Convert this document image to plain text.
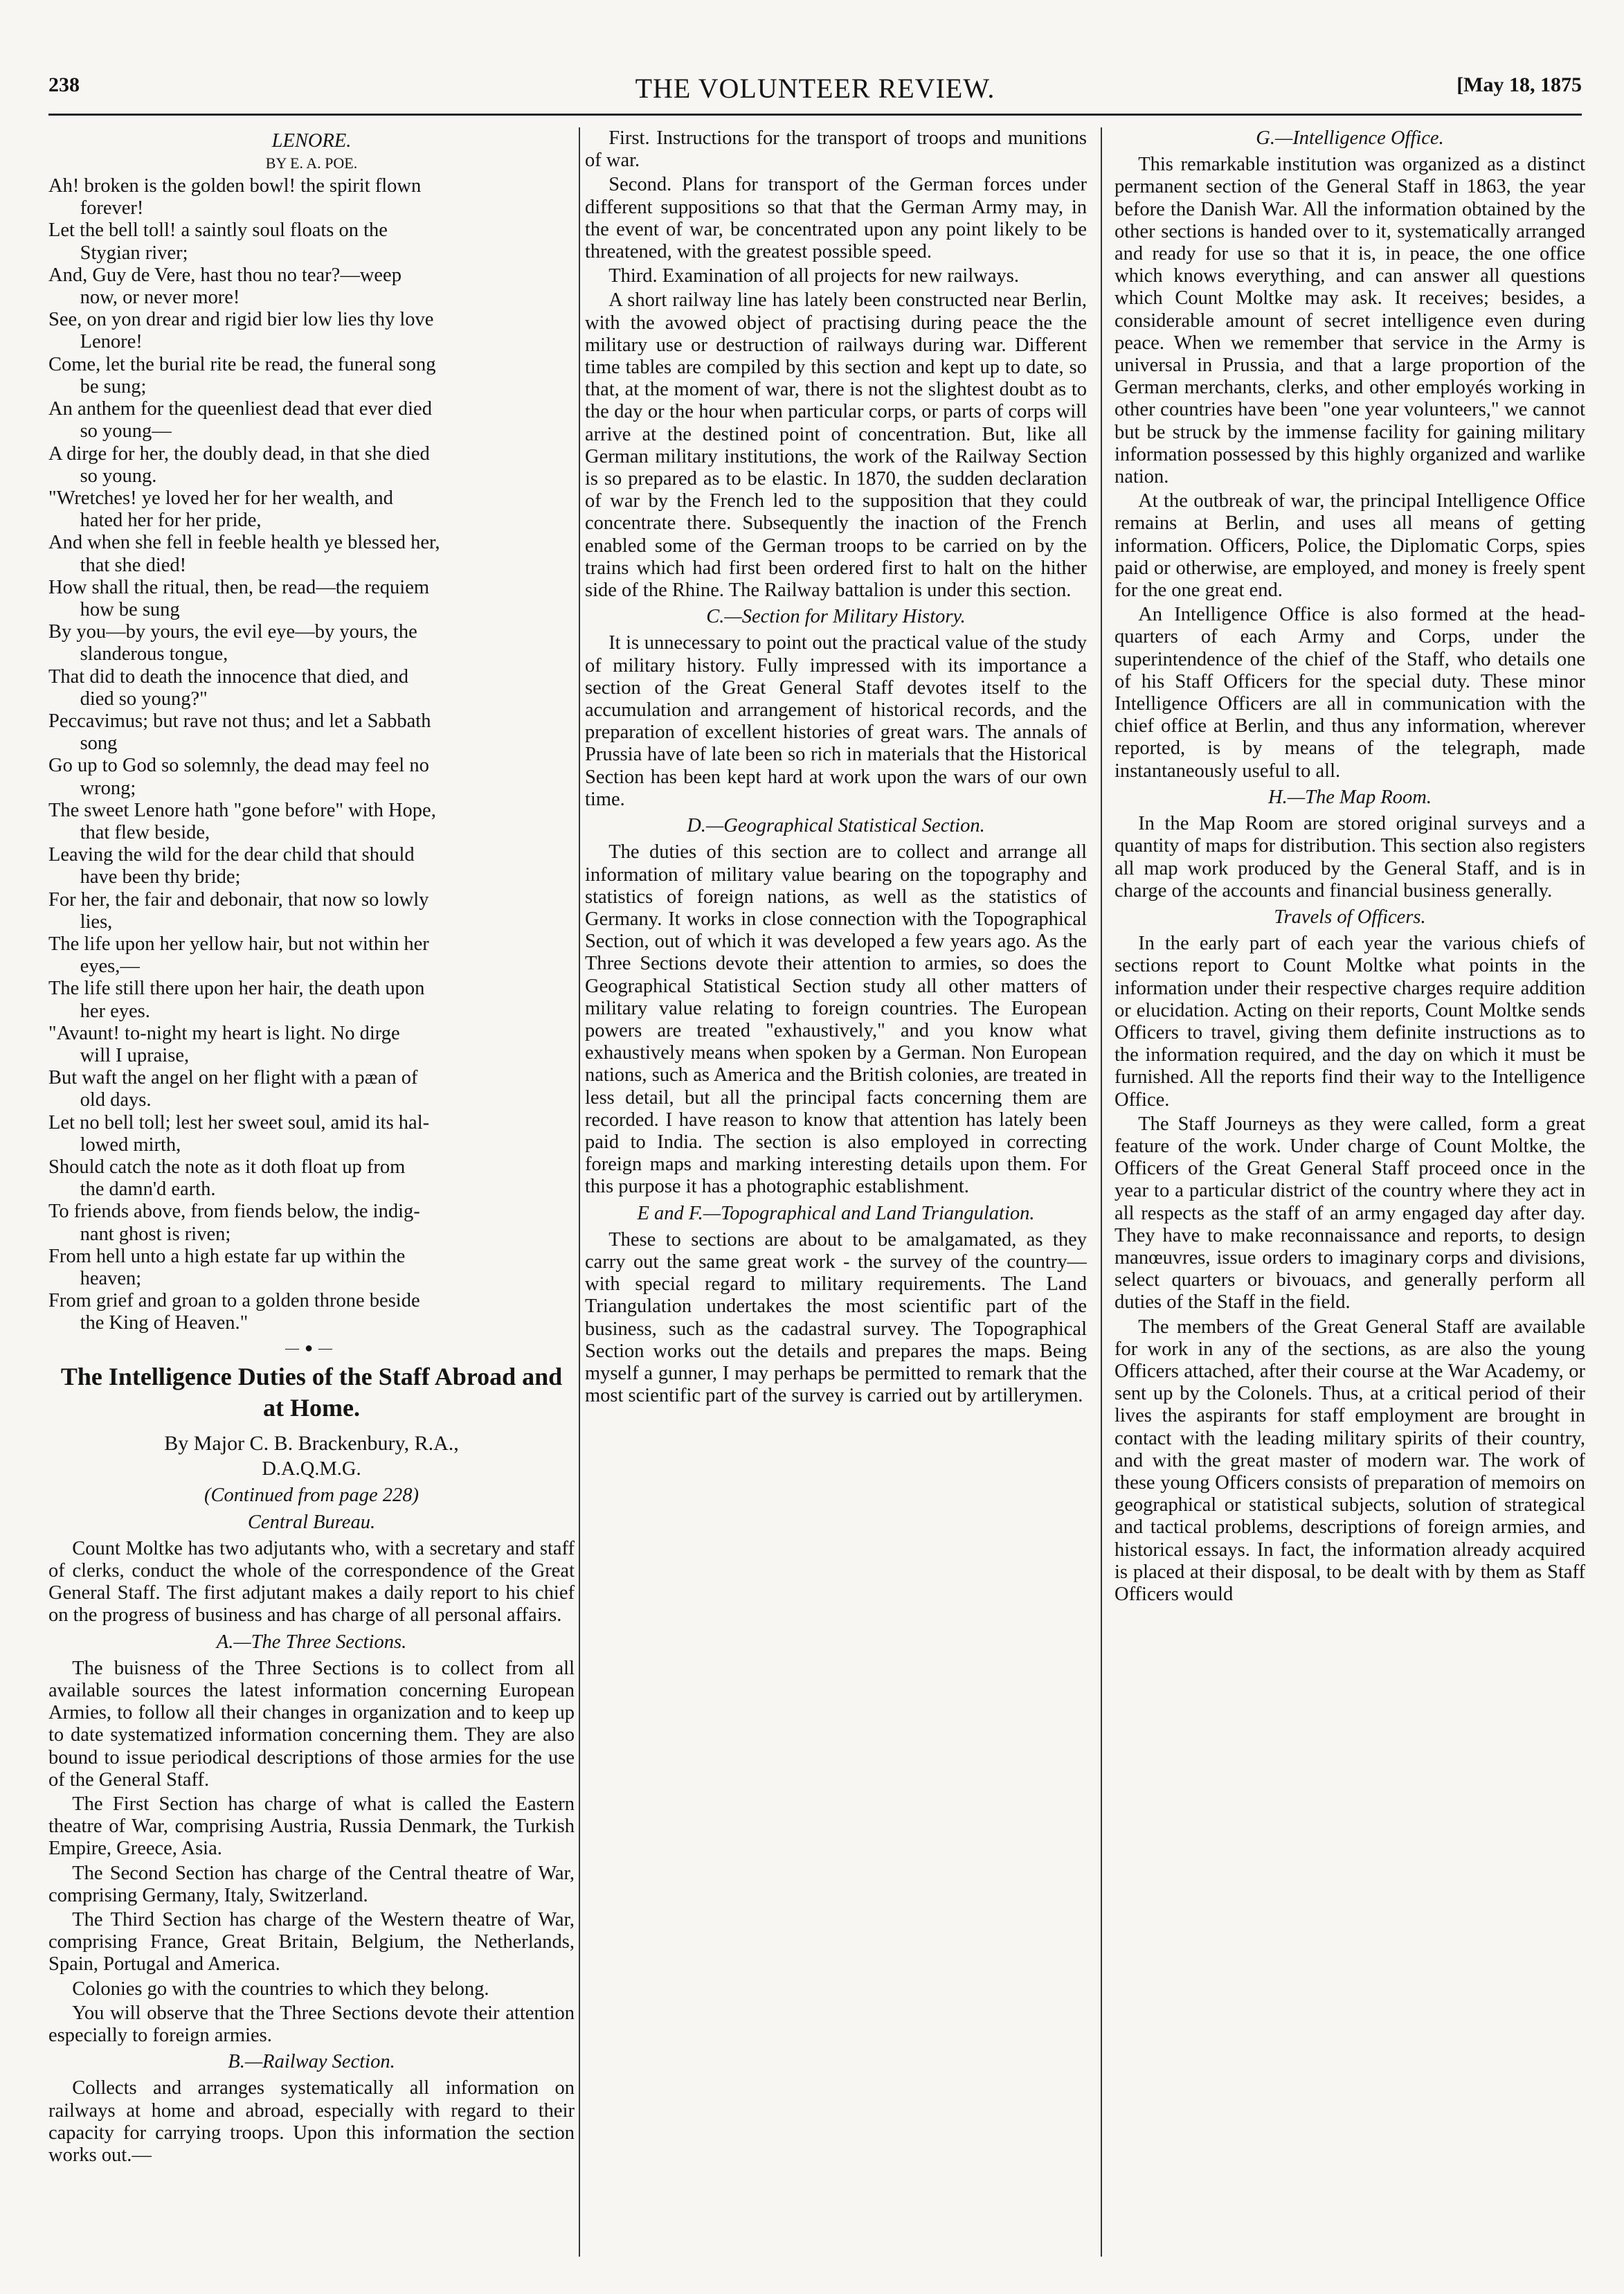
238	THE VOLUNTEER REVIEW.	[May 18, 1875
LENORE.
BY E. A. POE.
Ah! broken is the golden bowl! the spirit flown
forever!
Let the bell toll! a saintly soul floats on the
Stygian river;
And, Guy de Vere, hast thou no tear?—weep
now, or never more!
See, on yon drear and rigid bier low lies thy love
Lenore!
Come, let the burial rite be read, the funeral song
be sung;
An anthem for the queenliest dead that ever died
so young—
A dirge for her, the doubly dead, in that she died
so young.
"Wretches! ye loved her for her wealth, and
hated her for her pride,
And when she fell in feeble health ye blessed her,
that she died!
How shall the ritual, then, be read—the requiem
how be sung
By you—by yours, the evil eye—by yours, the
slanderous tongue,
That did to death the innocence that died, and
died so young?"
Peccavimus; but rave not thus; and let a Sabbath
song
Go up to God so solemnly, the dead may feel no
wrong;
The sweet Lenore hath "gone before" with Hope,
that flew beside,
Leaving the wild for the dear child that should
have been thy bride;
For her, the fair and debonair, that now so lowly
lies,
The life upon her yellow hair, but not within her
eyes,—
The life still there upon her hair, the death upon
her eyes.
"Avaunt! to-night my heart is light. No dirge
will I upraise,
But waft the angel on her flight with a pæan of
old days.
Let no bell toll; lest her sweet soul, amid its hal-
lowed mirth,
Should catch the note as it doth float up from
the damn'd earth.
To friends above, from fiends below, the indig-
nant ghost is riven;
From hell unto a high estate far up within the
heaven;
From grief and groan to a golden throne beside
the King of Heaven."
—●—
The Intelligence Duties of the Staff Abroad and at Home.
By Major C. B. Brackenbury, R.A.,
D.A.Q.M.G.
(Continued from page 228)
Central Bureau.

Count Moltke has two adjutants who, with a secretary and staff of clerks, conduct the whole of the correspondence of the Great General Staff. The first adjutant makes a daily report to his chief on the progress of business and has charge of all personal affairs.

A.—The Three Sections.

The buisness of the Three Sections is to collect from all available sources the latest information concerning European Armies, to follow all their changes in organization and to keep up to date systematized information concerning them. They are also bound to issue periodical descriptions of those armies for the use of the General Staff.

The First Section has charge of what is called the Eastern theatre of War, comprising Austria, Russia Denmark, the Turkish Empire, Greece, Asia.

The Second Section has charge of the Central theatre of War, comprising Germany, Italy, Switzerland.

The Third Section has charge of the Western theatre of War, comprising France, Great Britain, Belgium, the Netherlands, Spain, Portugal and America.

Colonies go with the countries to which they belong.

You will observe that the Three Sections devote their attention especially to foreign armies.

B.—Railway Section.

Collects and arranges systematically all information on railways at home and abroad, especially with regard to their capacity for carrying troops. Upon this information the section works out.—

First. Instructions for the transport of troops and munitions of war.

Second. Plans for transport of the German forces under different suppositions so that that the German Army may, in the event of war, be concentrated upon any point likely to be threatened, with the greatest possible speed.

Third. Examination of all projects for new railways.

A short railway line has lately been constructed near Berlin, with the avowed object of practising during peace the the military use or destruction of railways during war. Different time tables are compiled by this section and kept up to date, so that, at the moment of war, there is not the slightest doubt as to the day or the hour when particular corps, or parts of corps will arrive at the destined point of concentration. But, like all German military institutions, the work of the Railway Section is so prepared as to be elastic. In 1870, the sudden declaration of war by the French led to the supposition that they could concentrate there. Subsequently the inaction of the French enabled some of the German troops to be carried on by the trains which had first been ordered first to halt on the hither side of the Rhine. The Railway battalion is under this section.

C.—Section for Military History.

It is unnecessary to point out the practical value of the study of military history. Fully impressed with its importance a section of the Great General Staff devotes itself to the accumulation and arrangement of historical records, and the preparation of excellent histories of great wars. The annals of Prussia have of late been so rich in materials that the Historical Section has been kept hard at work upon the wars of our own time.

D.—Geographical Statistical Section.

The duties of this section are to collect and arrange all information of military value bearing on the topography and statistics of foreign nations, as well as the statistics of Germany. It works in close connection with the Topographical Section, out of which it was developed a few years ago. As the Three Sections devote their attention to armies, so does the Geographical Statistical Section study all other matters of military value relating to foreign countries. The European powers are treated "exhaustively," and you know what exhaustively means when spoken by a German. Non European nations, such as America and the British colonies, are treated in less detail, but all the principal facts concerning them are recorded. I have reason to know that attention has lately been paid to India. The section is also employed in correcting foreign maps and marking interesting details upon them. For this purpose it has a photographic establishment.

E and F.—Topographical and Land Triangulation.

These to sections are about to be amalgamated, as they carry out the same great work - the survey of the country—with special regard to military requirements. The Land Triangulation undertakes the most scientific part of the business, such as the cadastral survey. The Topographical Section works out the details and prepares the maps. Being myself a gunner, I may perhaps be permitted to remark that the most scientific part of the survey is carried out by artillerymen.

G.—Intelligence Office.

This remarkable institution was organized as a distinct permanent section of the General Staff in 1863, the year before the Danish War. All the information obtained by the other sections is handed over to it, systematically arranged and ready for use so that it is, in peace, the one office which knows everything, and can answer all questions which Count Moltke may ask. It receives; besides, a considerable amount of secret intelligence even during peace. When we remember that service in the Army is universal in Prussia, and that a large proportion of the German merchants, clerks, and other employés working in other countries have been "one year volunteers," we cannot but be struck by the immense facility for gaining military information possessed by this highly organized and warlike nation.

At the outbreak of war, the principal Intelligence Office remains at Berlin, and uses all means of getting information. Officers, Police, the Diplomatic Corps, spies paid or otherwise, are employed, and money is freely spent for the one great end.

An Intelligence Office is also formed at the head-quarters of each Army and Corps, under the superintendence of the chief of the Staff, who details one of his Staff Officers for the special duty. These minor Intelligence Officers are all in communication with the chief office at Berlin, and thus any information, wherever reported, is by means of the telegraph, made instantaneously useful to all.

H.—The Map Room.

In the Map Room are stored original surveys and a quantity of maps for distribution. This section also registers all map work produced by the General Staff, and is in charge of the accounts and financial business generally.

Travels of Officers.

In the early part of each year the various chiefs of sections report to Count Moltke what points in the information under their respective charges require addition or elucidation. Acting on their reports, Count Moltke sends Officers to travel, giving them definite instructions as to the information required, and the day on which it must be furnished. All the reports find their way to the Intelligence Office.

The Staff Journeys as they were called, form a great feature of the work. Under charge of Count Moltke, the Officers of the Great General Staff proceed once in the year to a particular district of the country where they act in all respects as the staff of an army engaged day after day. They have to make reconnaissance and reports, to design manœuvres, issue orders to imaginary corps and divisions, select quarters or bivouacs, and generally perform all duties of the Staff in the field.

The members of the Great General Staff are available for work in any of the sections, as are also the young Officers attached, after their course at the War Academy, or sent up by the Colonels. Thus, at a critical period of their lives the aspirants for staff employment are brought in contact with the leading military spirits of their country, and with the great master of modern war. The work of these young Officers consists of preparation of memoirs on geographical or statistical subjects, solution of strategical and tactical problems, descriptions of foreign armies, and historical essays. In fact, the information already acquired is placed at their disposal, to be dealt with by them as Staff Officers would
